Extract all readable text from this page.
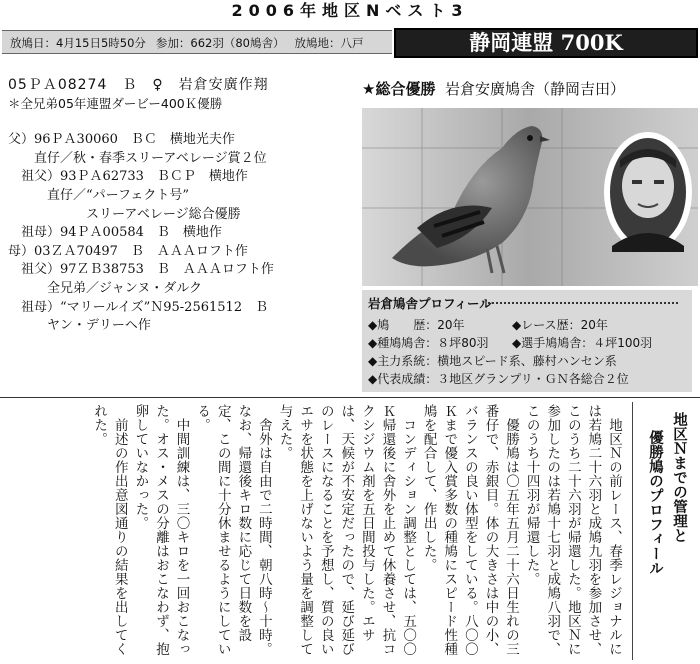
2006年地区Nベスト3
放鳩日：4月15日5時50分 参加：662羽（80鳩舎） 放鳩地：八戸	静岡連盟 700K
05ＰＡ08274　Ｂ　♀　岩倉安廣作翔
＊全兄弟05年連盟ダービー400Ｋ優勝
父）96ＰＡ30060　ＢＣ　横地光夫作
　　直仔／秋・春季スリーアベレージ賞２位
　祖父）93ＰＡ62733　ＢＣＰ　横地作
　　　直仔／“パーフェクト号”
　　　　　　スリーアベレージ総合優勝
　祖母）94ＰＡ00584　Ｂ　横地作
母）03ＺＡ70497　Ｂ　ＡＡＡロフト作
　祖父）97ＺＢ38753　Ｂ　ＡＡＡロフト作
　　　全兄弟／ジャンヌ・ダルク
　祖母）“マリールイズ”Ｎ95-2561512　Ｂ
　　　ヤン・デリーヘ作
★総合優勝 岩倉安廣鳩舎（静岡吉田）
岩倉鳩舎プロフィール
◆鳩　　歴：20年	◆レース歴：20年
◆種鳩鳩舎：８坪80羽 ◆選手鳩鳩舎：４坪100羽
◆主力系統：横地スピード系、藤村ハンセン系
◆代表成績：３地区グランプリ・ＧＮ各総合２位
地区Ｎまでの管理と
優勝鳩のプロフィール

地区Ｎの前レース、春季レジョナルには若鳩二十六羽と成鳩九羽を参加させ、このうち二十六羽が帰還した。地区Ｎに参加したのは若鳩十七羽と成鳩八羽で、このうち十四羽が帰還した。

優勝鳩は〇五年五月二十六日生れの三番仔で、赤銀目。体の大きさは中の小、バランスの良い体型をしている。八〇〇Ｋまで優入賞多数の種鳩にスピード性種鳩を配合して、作出した。

コンディション調整としては、五〇〇Ｋ帰還後に舎外を止めて休養させ、抗コクシジウム剤を五日間投与した。エサは、天候が不安定だったので、延び延びのレースになることを予想し、質の良いエサを状態を上げないよう量を調整して与えた。

舎外は自由で二時間、朝八時〜十時。なお、帰還後キロ数に応じて日数を設定、この間に十分休ませるようにしている。

中間訓練は、三〇キロを一回おこなった。オス・メスの分離はおこなわず、抱卵していなかった。

前述の作出意図通りの結果を出してくれた。
